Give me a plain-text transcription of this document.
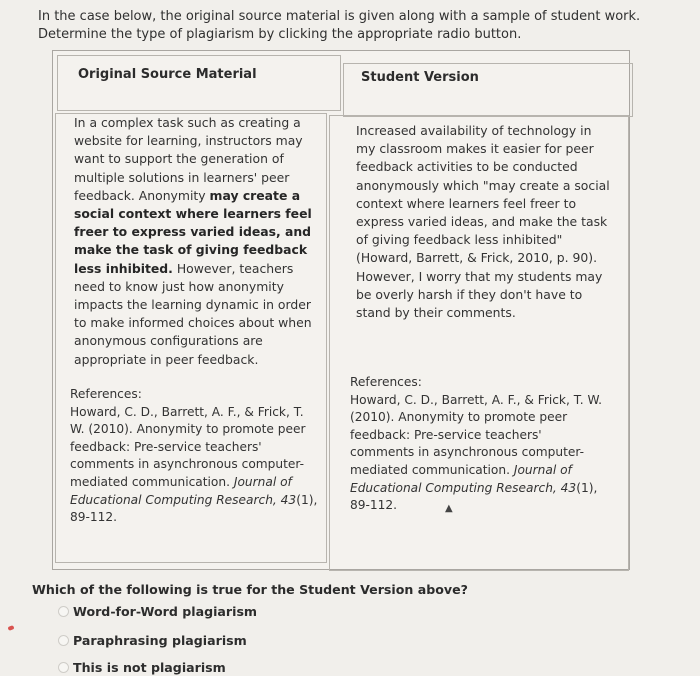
In the case below, the original source material is given along with a sample of student work.

Determine the type of plagiarism by clicking the appropriate radio button.

Original Source Material	Student Version
In a complex task such as creating a website for learning, instructors may want to support the generation of multiple solutions in learners' peer feedback. Anonymity may create a social context where learners feel freer to express varied ideas, and make the task of giving feedback less inhibited. However, teachers need to know just how anonymity impacts the learning dynamic in order to make informed choices about when anonymous configurations are appropriate in peer feedback.
References:
Howard, C. D., Barrett, A. F., & Frick, T. W. (2010). Anonymity to promote peer feedback: Pre-service teachers' comments in asynchronous computer-mediated communication. Journal of Educational Computing Research, 43(1), 89-112.
Increased availability of technology in my classroom makes it easier for peer feedback activities to be conducted anonymously which "may create a social context where learners feel freer to express varied ideas, and make the task of giving feedback less inhibited" (Howard, Barrett, & Frick, 2010, p. 90). However, I worry that my students may be overly harsh if they don't have to stand by their comments.
References:
Howard, C. D., Barrett, A. F., & Frick, T. W. (2010). Anonymity to promote peer feedback: Pre-service teachers' comments in asynchronous computer-mediated communication. Journal of Educational Computing Research, 43(1), 89-112.	▲
Which of the following is true for the Student Version above?
Word-for-Word plagiarism
Paraphrasing plagiarism
This is not plagiarism
